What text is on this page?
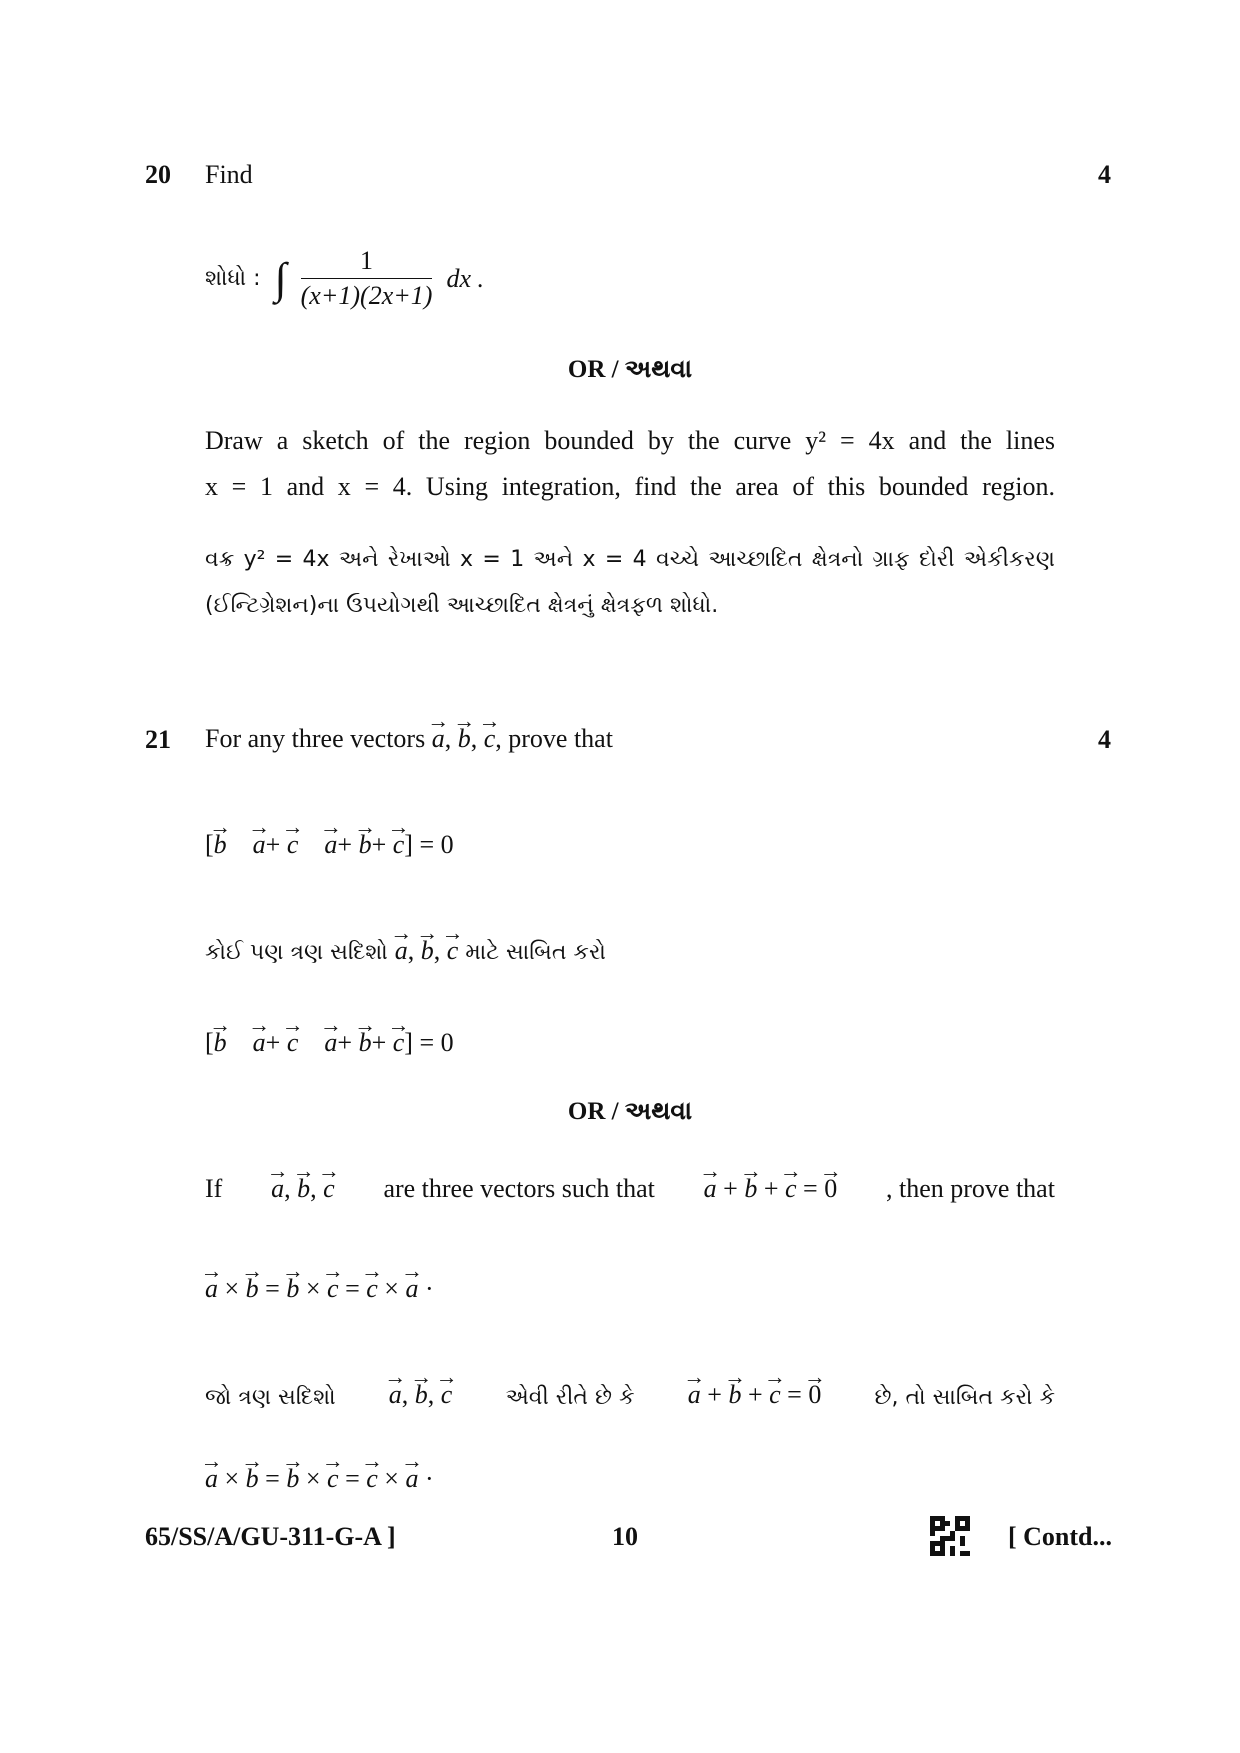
20 Find	4
શોધો : ∫ $\frac{1}{(x+1)(2x+1)}$ dx .
OR / અથવા
Draw a sketch of the region bounded by the curve y² = 4x and the lines
x = 1 and x = 4. Using integration, find the area of this bounded region.
વક્ર y² = 4x અને રેખાઓ x = 1 અને x = 4 વચ્ચે આચ્છાદિત ક્ષેત્રનો ગ્રાફ દોરી એકીકરણ
(ઈન્ટિગ્રેશન)ના ઉપયોગથી આચ્છાદિત ક્ષેત્રનું ક્ષેત્રફળ શોધો.
21 For any three vectors → a, → b, → c, prove that	4
[→ b → a+ → c → a+ → b+ → c] = 0
કોઈ પણ ત્રણ સદિશો → a, → b, → c માટે સાબિત કરો
[→ b → a+ → c → a+ → b+ → c] = 0
OR / અથવા
If → a, → b, → c are three vectors such that → a + → b + → c = → 0 , then prove that
→ a × → b = → b × → c = → c × → a ·
જો ત્રણ સદિશો → a, → b, → c એવી રીતે છે કે → a + → b + → c = → 0 છે, તો સાબિત કરો કે
→ a × → b = → b × → c = → c × → a ·
65/SS/A/GU-311-G-A ]	10	[ Contd...
